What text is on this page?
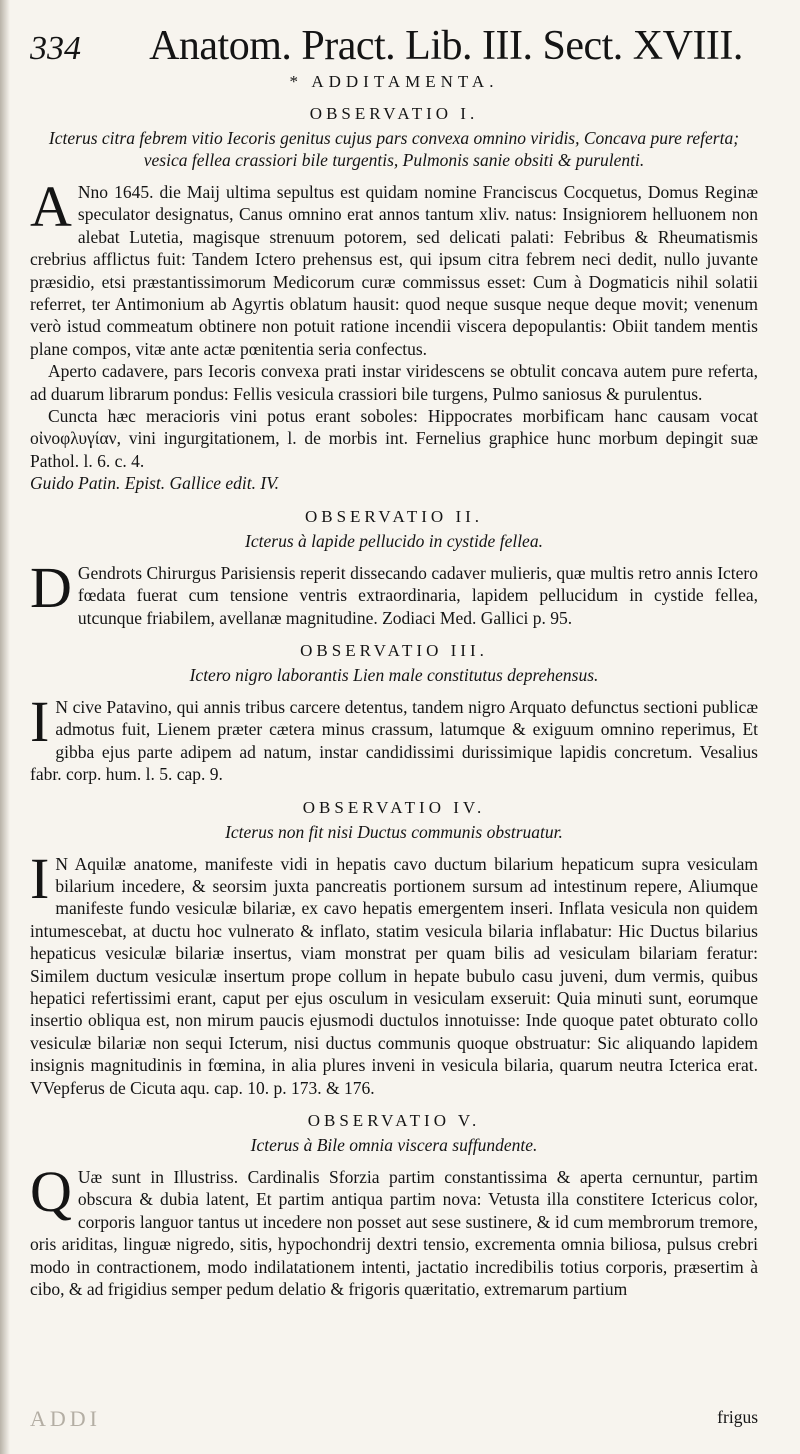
334	Anatom. Pract. Lib. III. Sect. XVIII.
* ADDITAMENTA.
OBSERVATIO I.
Icterus citra febrem vitio Iecoris genitus cujus pars convexa omnino viridis, Concava pure referta; vesica fellea crassiori bile turgentis, Pulmonis sanie obsiti & purulenti.
A Nno 1645. die Maij ultima sepultus est quidam nomine Franciscus Cocquetus, Domus Reginæ speculator designatus, Canus omnino erat annos tantum xliv. natus: Insigniorem helluonem non alebat Lutetia, magisque strenuum potorem, sed delicati palati: Febribus & Rheumatismis crebrius afflictus fuit: Tandem Ictero prehensus est, qui ipsum citra febrem neci dedit, nullo juvante præsidio, etsi præstantissimorum Medicorum curæ commissus esset: Cum à Dogmaticis nihil solatii referret, ter Antimonium ab Agyrtis oblatum hausit: quod neque susque neque deque movit; venenum verò istud commeatum obtinere non potuit ratione incendii viscera depopulantis: Obiit tandem mentis plane compos, vitæ ante actæ pœnitentia seria confectus.

Aperto cadavere, pars Iecoris convexa prati instar viridescens se obtulit concava autem pure referta, ad duarum librarum pondus: Fellis vesicula crassiori bile turgens, Pulmo saniosus & purulentus.

Cuncta hæc meracioris vini potus erant soboles: Hippocrates morbificam hanc causam vocat οἰνοφλυγίαν, vini ingurgitationem, l. de morbis int. Fernelius graphice hunc morbum depingit suæ Pathol. l. 6. c. 4.

Guido Patin. Epist. Gallice edit. IV.

OBSERVATIO II.
Icterus à lapide pellucido in cystide fellea.
D Gendrots Chirurgus Parisiensis reperit dissecando cadaver mulieris, quæ multis retro annis Ictero fœdata fuerat cum tensione ventris extraordinaria, lapidem pellucidum in cystide fellea, utcunque friabilem, avellanæ magnitudine. Zodiaci Med. Gallici p. 95.
OBSERVATIO III.
Ictero nigro laborantis Lien male constitutus deprehensus.
I N cive Patavino, qui annis tribus carcere detentus, tandem nigro Arquato defunctus sectioni publicæ admotus fuit, Lienem præter cætera minus crassum, latumque & exiguum omnino reperimus, Et gibba ejus parte adipem ad natum, instar candidissimi durissimique lapidis concretum. Vesalius fabr. corp. hum. l. 5. cap. 9.
OBSERVATIO IV.
Icterus non fit nisi Ductus communis obstruatur.
I N Aquilæ anatome, manifeste vidi in hepatis cavo ductum bilarium hepaticum supra vesiculam bilarium incedere, & seorsim juxta pancreatis portionem sursum ad intestinum repere, Aliumque manifeste fundo vesiculæ bilariæ, ex cavo hepatis emergentem inseri. Inflata vesicula non quidem intumescebat, at ductu hoc vulnerato & inflato, statim vesicula bilaria inflabatur: Hic Ductus bilarius hepaticus vesiculæ bilariæ insertus, viam monstrat per quam bilis ad vesiculam bilariam feratur: Similem ductum vesiculæ insertum prope collum in hepate bubulo casu juveni, dum vermis, quibus hepatici refertissimi erant, caput per ejus osculum in vesiculam exseruit: Quia minuti sunt, eorumque insertio obliqua est, non mirum paucis ejusmodi ductulos innotuisse: Inde quoque patet obturato collo vesiculæ bilariæ non sequi Icterum, nisi ductus communis quoque obstruatur: Sic aliquando lapidem insignis magnitudinis in fœmina, in alia plures inveni in vesicula bilaria, quarum neutra Icterica erat. VVepferus de Cicuta aqu. cap. 10. p. 173. & 176.
OBSERVATIO V.
Icterus à Bile omnia viscera suffundente.
Q Uæ sunt in Illustriss. Cardinalis Sforzia partim constantissima & aperta cernuntur, partim obscura & dubia latent, Et partim antiqua partim nova: Vetusta illa constitere Ictericus color, corporis languor tantus ut incedere non posset aut sese sustinere, & id cum membrorum tremore, oris ariditas, linguæ nigredo, sitis, hypochondrij dextri tensio, excrementa omnia biliosa, pulsus crebri modo in contractionem, modo indilatationem intenti, jactatio incredibilis totius corporis, præsertim à cibo, & ad frigidius semper pedum delatio & frigoris quæritatio, extremarum partium
frigus
ADDI
